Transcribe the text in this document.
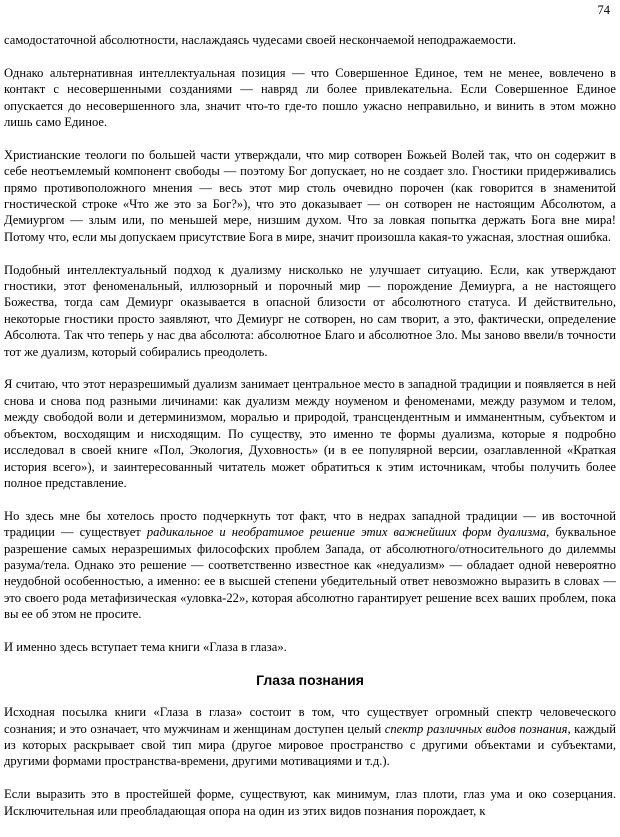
74

самодостаточной абсолютности, наслаждаясь чудесами своей нескончаемой неподражаемости.

Однако альтернативная интеллектуальная позиция — что Совершенное Единое, тем не менее, вовлечено в контакт с несовершенными созданиями — навряд ли более привлекательна. Если Совершенное Единое опускается до несовершенного зла, значит что-то где-то пошло ужасно неправильно, и винить в этом можно лишь само Единое.

Христианские теологи по большей части утверждали, что мир сотворен Божьей Волей так, что он содержит в себе неотъемлемый компонент свободы — поэтому Бог допускает, но не создает зло. Гностики придерживались прямо противоположного мнения — весь этот мир столь очевидно порочен (как говорится в знаменитой гностической строке «Что же это за Бог?»), что это доказывает — он сотворен не настоящим Абсолютом, а Демиургом — злым или, по меньшей мере, низшим духом. Что за ловкая попытка держать Бога вне мира! Потому что, если мы допускаем присутствие Бога в мире, значит произошла какая-то ужасная, злостная ошибка.

Подобный интеллектуальный подход к дуализму нисколько не улучшает ситуацию. Если, как утверждают гностики, этот феноменальный, иллюзорный и порочный мир — порождение Демиурга, а не настоящего Божества, тогда сам Демиург оказывается в опасной близости от абсолютного статуса. И действительно, некоторые гностики просто заявляют, что Демиург не сотворен, но сам творит, а это, фактически, определение Абсолюта. Так что теперь у нас два абсолюта: абсолютное Благо и абсолютное Зло. Мы заново ввели/в точности тот же дуализм, который собирались преодолеть.

Я считаю, что этот неразрешимый дуализм занимает центральное место в западной традиции и появляется в ней снова и снова под разными личинами: как дуализм между ноуменом и феноменами, между разумом и телом, между свободой воли и детерминизмом, моралью и природой, трансцендентным и имманентным, субъектом и объектом, восходящим и нисходящим. По существу, это именно те формы дуализма, которые я подробно исследовал в своей книге «Пол, Экология, Духовность» (и в ее популярной версии, озаглавленной «Краткая история всего»), и заинтересованный читатель может обратиться к этим источникам, чтобы получить более полное представление.

Но здесь мне бы хотелось просто подчеркнуть тот факт, что в недрах западной традиции — ив восточной традиции — существует радикальное и необратимое решение этих важнейших форм дуализма, буквальное разрешение самых неразрешимых философских проблем Запада, от абсолютного/относительного до дилеммы разума/тела. Однако это решение — соответственно известное как «недуализм» — обладает одной невероятно неудобной особенностью, а именно: ее в высшей степени убедительный ответ невозможно выразить в словах — это своего рода метафизическая «уловка-22», которая абсолютно гарантирует решение всех ваших проблем, пока вы ее об этом не просите.

И именно здесь вступает тема книги «Глаза в глаза».

Глаза познания

Исходная посылка книги «Глаза в глаза» состоит в том, что существует огромный спектр человеческого сознания; и это означает, что мужчинам и женщинам доступен целый спектр различных видов познания, каждый из которых раскрывает свой тип мира (другое мировое пространство с другими объектами и субъектами, другими формами пространства-времени, другими мотивациями и т.д.).

Если выразить это в простейшей форме, существуют, как минимум, глаз плоти, глаз ума и око созерцания. Исключительная или преобладающая опора на один из этих видов познания порождает, к
